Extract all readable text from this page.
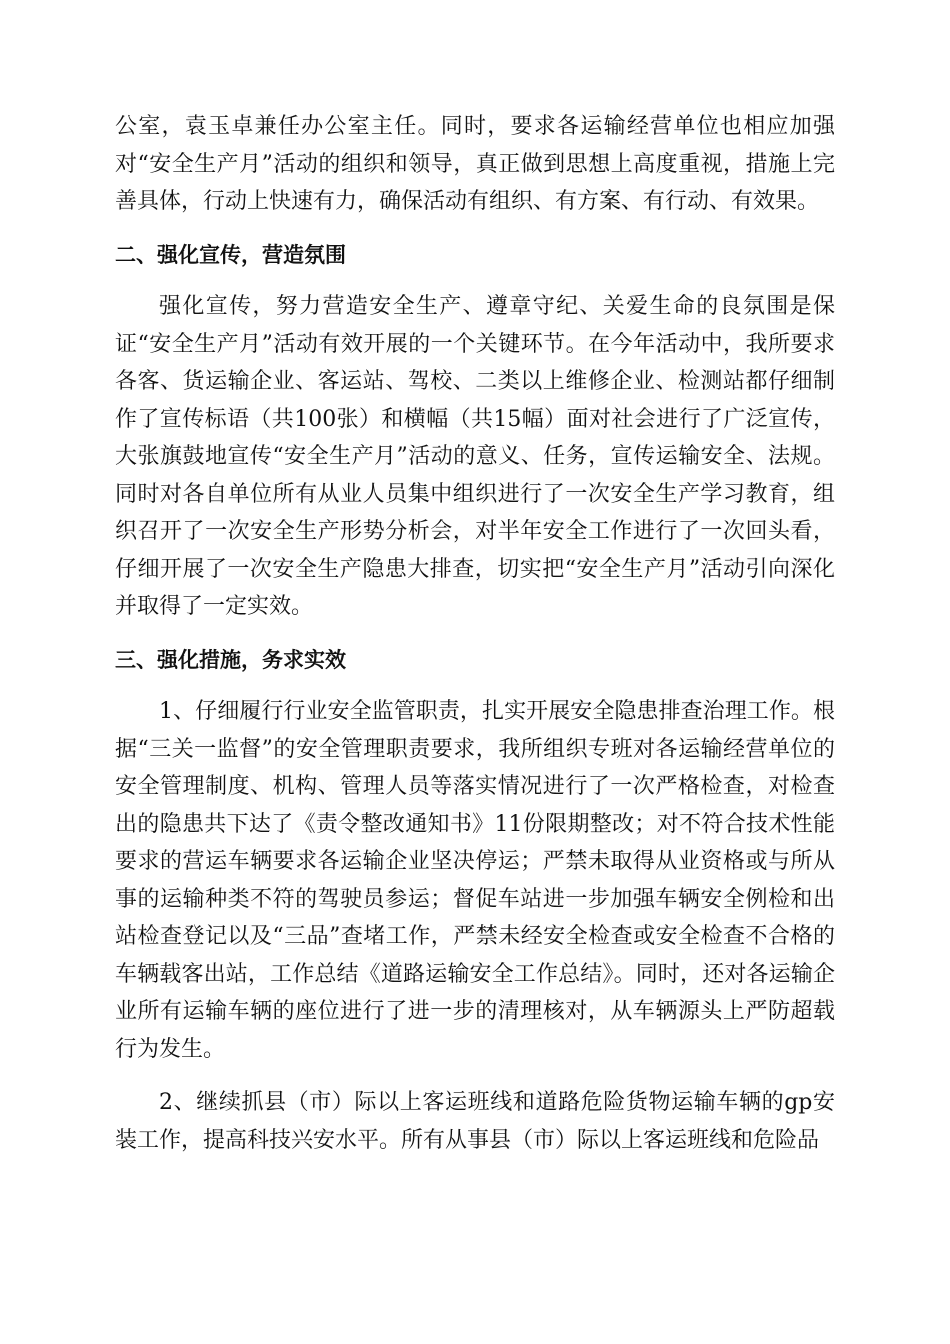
公室，袁玉卓兼任办公室主任。同时，要求各运输经营单位也相应加强对“安全生产月”活动的组织和领导，真正做到思想上高度重视，措施上完善具体，行动上快速有力，确保活动有组织、有方案、有行动、有效果。

二、强化宣传，营造氛围

强化宣传，努力营造安全生产、遵章守纪、关爱生命的良氛围是保证“安全生产月”活动有效开展的一个关键环节。在今年活动中，我所要求各客、货运输企业、客运站、驾校、二类以上维修企业、检测站都仔细制作了宣传标语（共100张）和横幅（共15幅）面对社会进行了广泛宣传，大张旗鼓地宣传“安全生产月”活动的意义、任务，宣传运输安全、法规。同时对各自单位所有从业人员集中组织进行了一次安全生产学习教育，组织召开了一次安全生产形势分析会，对半年安全工作进行了一次回头看，仔细开展了一次安全生产隐患大排查，切实把“安全生产月”活动引向深化并取得了一定实效。

三、强化措施，务求实效

1、仔细履行行业安全监管职责，扎实开展安全隐患排查治理工作。根据“三关一监督”的安全管理职责要求，我所组织专班对各运输经营单位的安全管理制度、机构、管理人员等落实情况进行了一次严格检查，对检查出的隐患共下达了《责令整改通知书》11份限期整改；对不符合技术性能要求的营运车辆要求各运输企业坚决停运；严禁未取得从业资格或与所从事的运输种类不符的驾驶员参运；督促车站进一步加强车辆安全例检和出站检查登记以及“三品”查堵工作，严禁未经安全检查或安全检查不合格的车辆载客出站，工作总结《道路运输安全工作总结》。同时，还对各运输企业所有运输车辆的座位进行了进一步的清理核对，从车辆源头上严防超载行为发生。

2、继续抓县（市）际以上客运班线和道路危险货物运输车辆的gp安装工作，提高科技兴安水平。所有从事县（市）际以上客运班线和危险品
